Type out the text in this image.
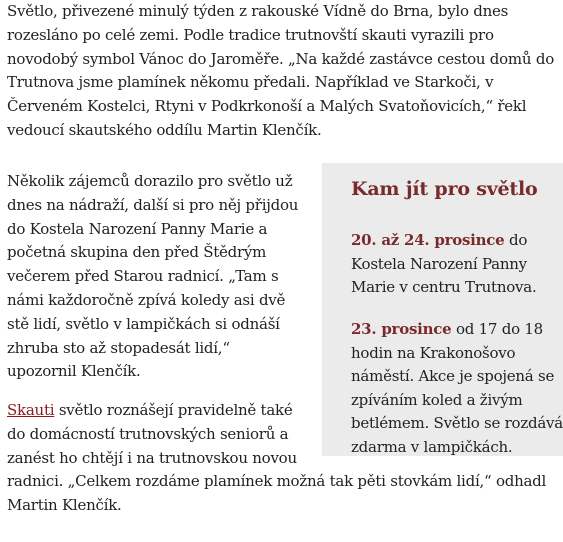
Světlo, přivezené minulý týden z rakouské Vídně do Brna, bylo dnes rozesláno po celé zemi. Podle tradice trutnovští skauti vyrazili pro novodobý symbol Vánoc do Jaroměře. „Na každé zastávce cestou domů do Trutnova jsme plamínek někomu předali. Například ve Starkoči, v Červeném Kostelci, Rtyni v Podkrkonoší a Malých Svatoňovicích,“ řekl vedoucí skautského oddílu Martin Klenčík.

Několik zájemců dorazilo pro světlo už dnes na nádraží, další si pro něj přijdou do Kostela Narození Panny Marie a početná skupina den před Štědrým večerem před Starou radnicí. „Tam s námi každoročně zpívá koledy asi dvě stě lidí, světlo v lampičkách si odnáší zhruba sto až stopadesát lidí,“ upozornil Klenčík.

Skauti světlo roznášejí pravidelně také do domácností trutnovských seniorů a zanést ho chtějí i na trutnovskou novou radnici. „Celkem rozdáme plamínek možná tak pěti stovkám lidí,“ odhadl Martin Klenčík.

Kam jít pro světlo

20. až 24. prosince do Kostela Narození Panny Marie v centru Trutnova.

23. prosince od 17 do 18 hodin na Krakonošovo náměstí. Akce je spojená se zpíváním koled a živým betlémem. Světlo se rozdává zdarma v lampičkách.
